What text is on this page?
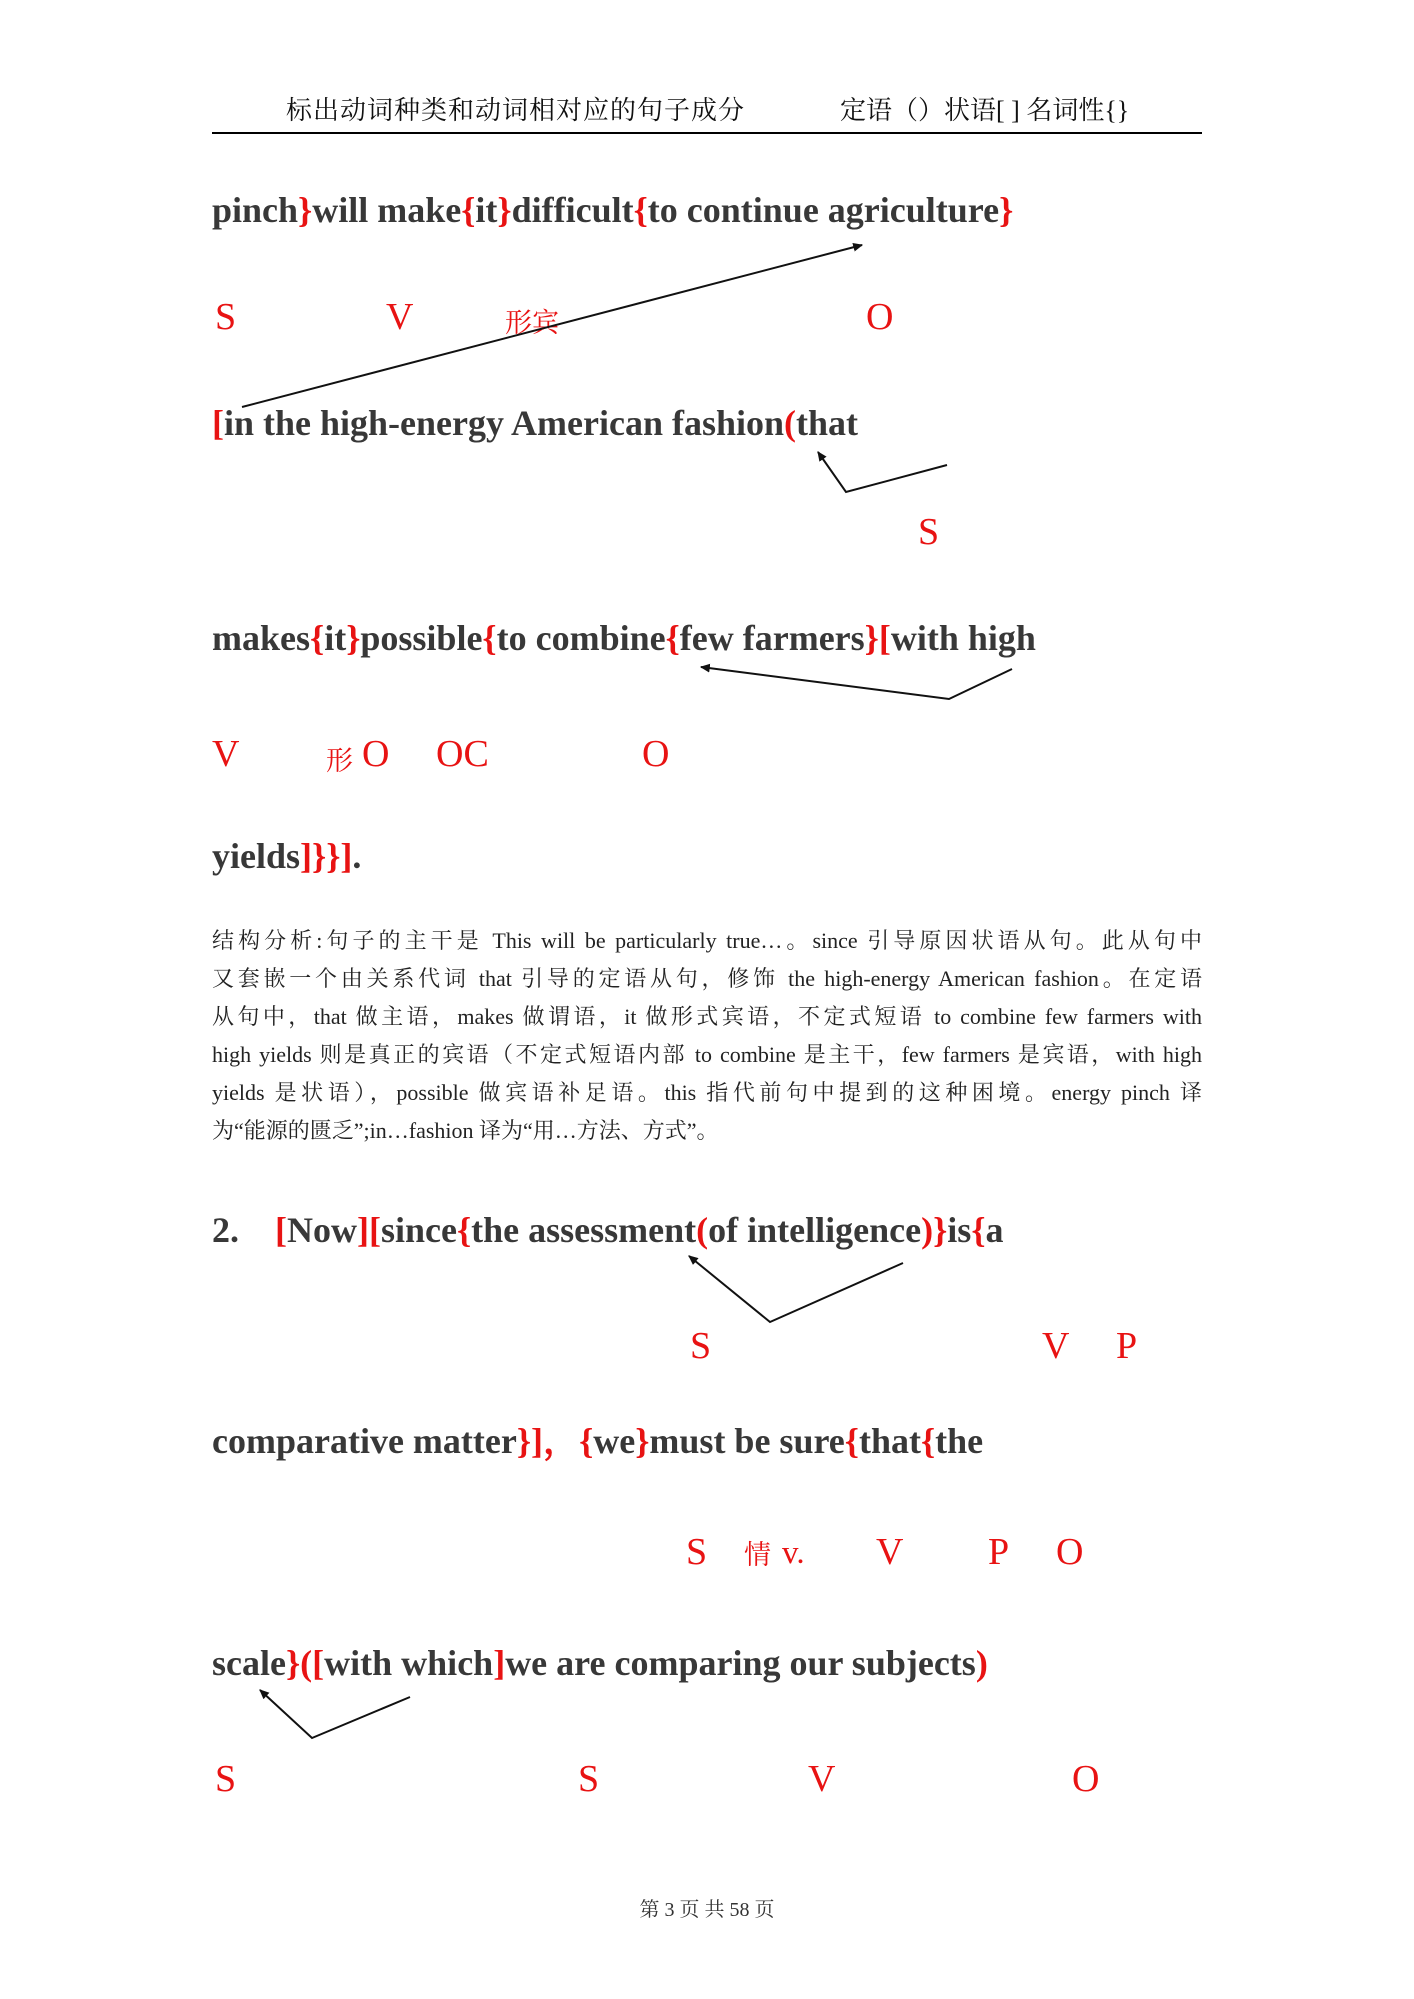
标出动词种类和动词相对应的句子成分	定语（）状语[ ] 名词性{}
pinch}will make{it}difficult{to continue agriculture}
[in the high-energy American fashion(that
makes{it}possible{to combine{few farmers}[with high
yields]}}].
2. [Now][since{the assessment(of intelligence)}is{a
comparative matter}]，{we}must be sure{that{the
scale}([with which]we are comparing our subjects)
S	V	形宾	O
S
V	形 O OC	O
S	V P
S 情 v. V P O
S	S	V	O
结构分析:句子的主干是 This will be particularly true…。since 引导原因状语从句。此从句中
又套嵌一个由关系代词 that 引导的定语从句，修饰 the high-energy American fashion。在定语
从句中，that 做主语，makes 做谓语，it 做形式宾语，不定式短语 to combine few farmers with
high yields 则是真正的宾语（不定式短语内部 to combine 是主干，few farmers 是宾语，with high
yields 是状语），possible 做宾语补足语。this 指代前句中提到的这种困境。energy pinch 译
为“能源的匮乏”;in…fashion 译为“用…方法、方式”。
第 3 页 共 58 页
